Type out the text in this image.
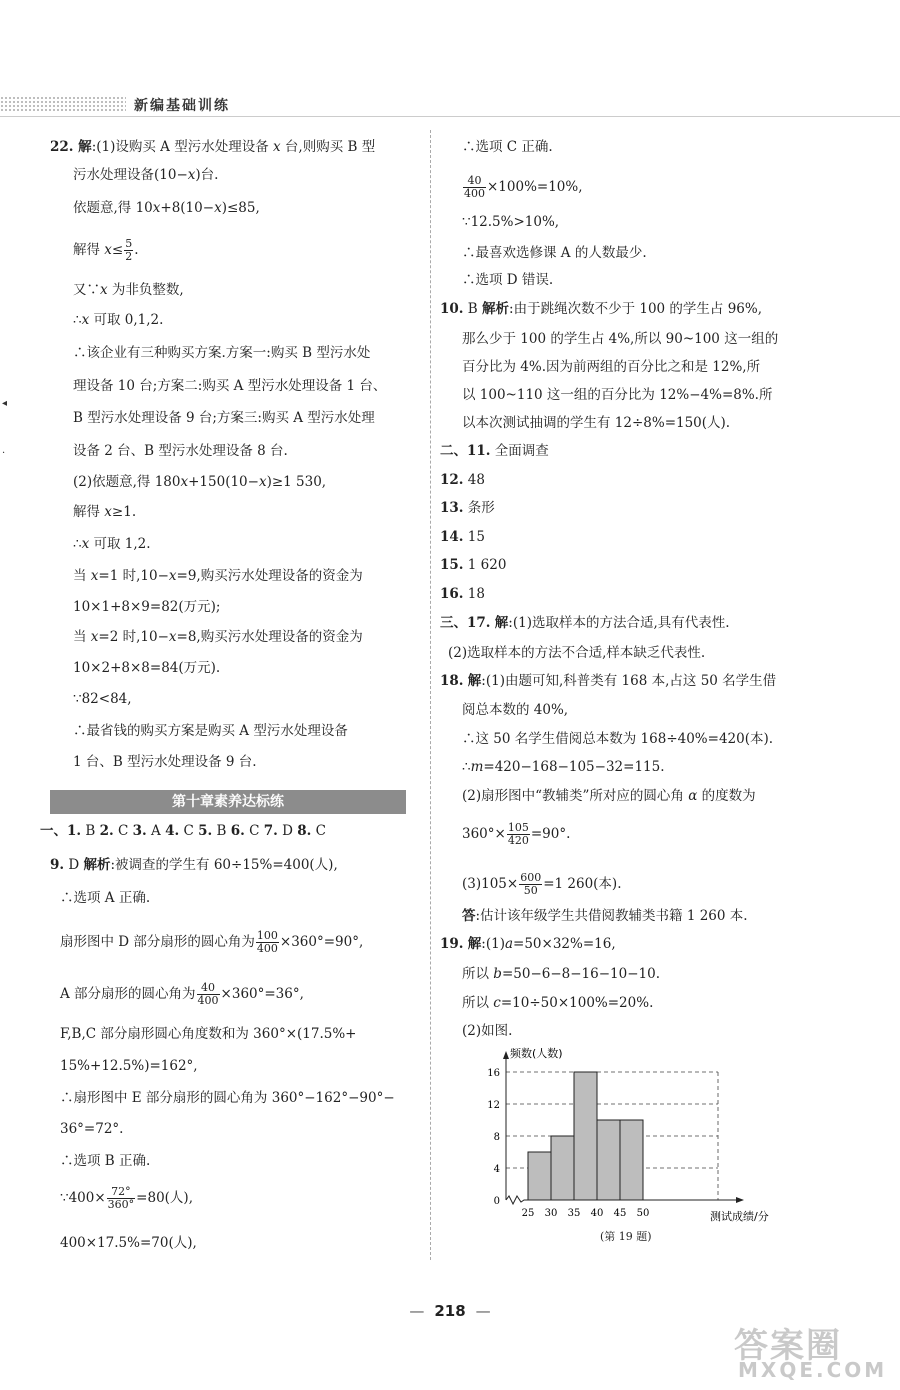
新编基础训练
◂
·
22. 解:(1)设购买 A 型污水处理设备 x 台,则购买 B 型
污水处理设备(10−x)台.
依题意,得 10x+8(10−x)≤85,
解得 $x\le \frac{5}{2}$ .
又∵x 为非负整数,
∴x 可取 0,1,2.
∴该企业有三种购买方案.方案一:购买 B 型污水处
理设备 10 台;方案二:购买 A 型污水处理设备 1 台、
B 型污水处理设备 9 台;方案三:购买 A 型污水处理
设备 2 台、B 型污水处理设备 8 台.
(2)依题意,得 180x+150(10−x)≥1 530,
解得 x≥1.
∴x 可取 1,2.
当 x=1 时,10−x=9,购买污水处理设备的资金为
10×1+8×9=82(万元);
当 x=2 时,10−x=8,购买污水处理设备的资金为
10×2+8×8=84(万元).
∵82<84,
∴最省钱的购买方案是购买 A 型污水处理设备
1 台、B 型污水处理设备 9 台.
一、1. B 2. C 3. A 4. C 5. B 6. C 7. D 8. C
9. D 解析:被调查的学生有 60÷15%=400(人),
∴选项 A 正确.
扇形图中 D 部分扇形的圆心角为 $\frac{100}{400} \times 360^\circ=90^\circ$,
A 部分扇形的圆心角为 $\frac{40}{400} \times 360^\circ=36^\circ$,
F,B,C 部分扇形圆心角度数和为 360°×(17.5%+
15%+12.5%)=162°,
∴扇形图中 E 部分扇形的圆心角为 360°−162°−90°−
36°=72°.
∴选项 B 正确.
∵400× $\frac{72^\circ}{360^\circ} =80$(人),
400×17.5%=70(人),
第十章素养达标练
∴选项 C 正确.
$\frac{40}{400} \times 100\%=10\%$,
∵12.5%>10%,
∴最喜欢选修课 A 的人数最少.
∴选项 D 错误.
10. B 解析:由于跳绳次数不少于 100 的学生占 96%,
那么少于 100 的学生占 4%,所以 90~100 这一组的
百分比为 4%.因为前两组的百分比之和是 12%,所
以 100~110 这一组的百分比为 12%−4%=8%.所
以本次测试抽调的学生有 12÷8%=150(人).
二、11. 全面调查
12. 48
13. 条形
14. 15
15. 1 620
16. 18
三、17. 解:(1)选取样本的方法合适,具有代表性.
(2)选取样本的方法不合适,样本缺乏代表性.
18. 解:(1)由题可知,科普类有 168 本,占这 50 名学生借
阅总本数的 40%,
∴这 50 名学生借阅总本数为 168÷40%=420(本).
∴m=420−168−105−32=115.
(2)扇形图中“教辅类”所对应的圆心角 α 的度数为
$360^\circ\times \frac{105}{420} =90^\circ$.
$(3)105\times \frac{600}{50} =1$ 260(本).
答:估计该年级学生共借阅教辅类书籍 1 260 本.
19. 解:(1)a=50×32%=16,
所以 b=50−6−8−16−10−10.
所以 c=10÷50×100%=20%.
(2)如图.
0
4
8
12
16
25 30 35 40 45 50
频数(人数)
测试成绩/分
(第 19 题)
— 218 —
答案圈
MXQE.COM
